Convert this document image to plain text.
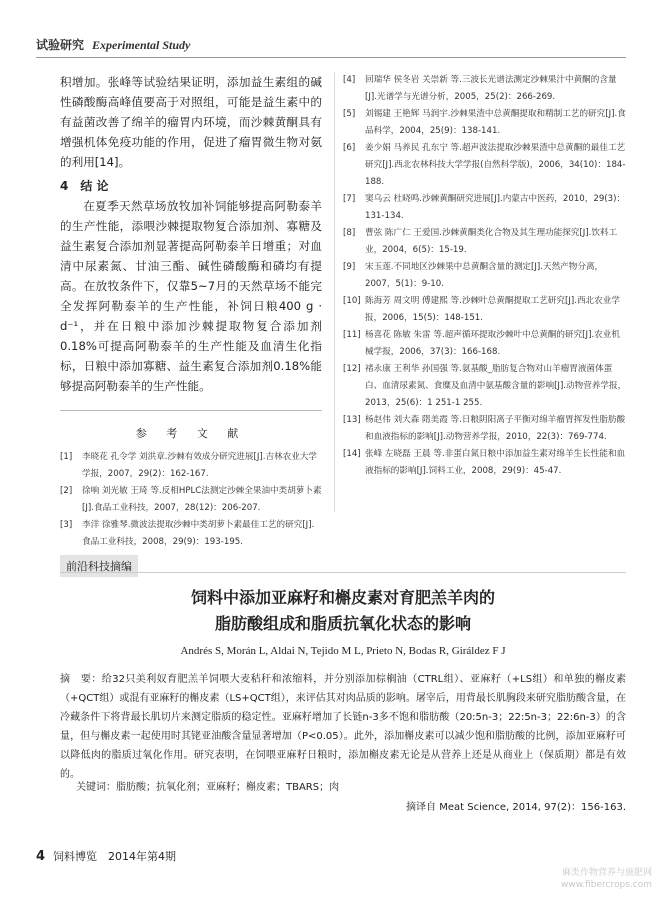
试验研究 Experimental Study

积增加。张峰等试验结果证明，添加益生素组的碱性磷酸酶高峰值要高于对照组，可能是益生素中的有益菌改善了绵羊的瘤胃内环境，而沙棘黄酮具有增强机体免疫功能的作用，促进了瘤胃微生物对氨的利用[14]。

4　结 论

在夏季天然草场放牧加补饲能够提高阿勒泰羊的生产性能，添喂沙棘提取物复合添加剂、寡糖及益生素复合添加剂显著提高阿勒泰羊日增重；对血清中尿素氮、甘油三酯、碱性磷酸酶和磷均有提高。在放牧条件下，仅靠5~7月的天然草场不能完全发挥阿勒泰羊的生产性能，补饲日粮400 g · d⁻¹，并在日粮中添加沙棘提取物复合添加剂0.18%可提高阿勒泰羊的生产性能及血清生化指标，日粮中添加寡糖、益生素复合添加剂0.18%能够提高阿勒泰羊的生产性能。

参 考 文 献
[1]	李晓花 孔令学 刘洪章.沙棘有效成分研究进展[J].吉林农业大学学报，2007，29(2)：162-167.
[2]	徐响 刘光敏 王琦 等.反相HPLC法测定沙棘全果油中类胡萝卜素[J].食品工业科技，2007，28(12)：206-207.
[3]	李洋 徐雅琴.微波法提取沙棘中类胡萝卜素最佳工艺的研究[J].食品工业科技，2008，29(9)：193-195.
[4]	回瑞华 侯冬岩 关崇新 等.三波长光谱法测定沙棘果汁中黄酮的含量[J].光谱学与光谱分析，2005，25(2)：266-269.
[5]	刘锡建 王艳辉 马润宇.沙棘果渣中总黄酮提取和精制工艺的研究[J].食品科学，2004，25(9)：138-141.
[6]	姜少娟 马养民 孔东宁 等.超声波法提取沙棘果渣中总黄酮的最佳工艺研究[J].西北农林科技大学学报(自然科学版)，2006，34(10)：184-188.
[7]	窦乌云 杜晓鸣.沙棘黄酮研究进展[J].内蒙古中医药，2010，29(3)：131-134.
[8]	曹弦 陈广仁 王爱国.沙棘黄酮类化合物及其生理功能探究[J].饮料工业，2004，6(5)：15-19.
[9]	宋玉莲.不同地区沙棘果中总黄酮含量的测定[J].天然产物分离，2007，5(1)：9-10.
[10] 陈海芳 周文明 傅建熙 等.沙棘叶总黄酮提取工艺研究[J].西北农业学报，2006，15(5)：148-151.
[11] 杨喜花 陈敏 朱雷 等.超声循环提取沙棘叶中总黄酮的研究[J].农业机械学报，2006，37(3)：166-168.
[12] 褚永康 王利华 孙国强 等.氨基酸_脂肪复合物对山羊瘤胃液菌体蛋白、血清尿素氮、食糜及血清中氨基酸含量的影响[J].动物营养学报，2013，25(6)：1 251-1 255.
[13] 杨赵伟 刘大森 隋美霞 等.日粮阴阳离子平衡对绵羊瘤胃挥发性脂肪酸和血液指标的影响[J].动物营养学报，2010，22(3)：769-774.
[14] 张峰 左晓磊 王晨 等.非蛋白氮日粮中添加益生素对绵羊生长性能和血液指标的影响[J].饲料工业，2008，29(9)：45-47.
前沿科技摘编
饲料中添加亚麻籽和槲皮素对育肥羔羊肉的
脂肪酸组成和脂质抗氧化状态的影响
Andrés S, Morán L, Aldai N, Tejido M L, Prieto N, Bodas R, Giráldez F J
摘　要：给32只美利奴育肥羔羊饲喂大麦秸秆和浓缩料，并分别添加棕榈油（CTRL组）、亚麻籽（+LS组）和单独的槲皮素（+QCT组）或混有亚麻籽的槲皮素（LS+QCT组），来评估其对肉品质的影响。屠宰后，用背最长肌胸段来研究脂肪酸含量，在冷藏条件下将背最长肌切片来测定脂质的稳定性。亚麻籽增加了长链n-3多不饱和脂肪酸（20:5n-3；22:5n-3；22:6n-3）的含量，但与槲皮素一起使用时其铑亚油酸含量显著增加（P<0.05）。此外，添加槲皮素可以减少饱和脂肪酸的比例，添加亚麻籽可以降低肉的脂质过氧化作用。研究表明，在饲喂亚麻籽日粮时，添加槲皮素无论是从营养上还是从商业上（保质期）都是有效的。
关键词：脂肪酸；抗氧化剂；亚麻籽；槲皮素；TBARS；肉
摘译自 Meat Science, 2014, 97(2)：156-163.
4 饲料博览　2014年第4期
麻类作物营养与施肥网
www.fibercrops.com
